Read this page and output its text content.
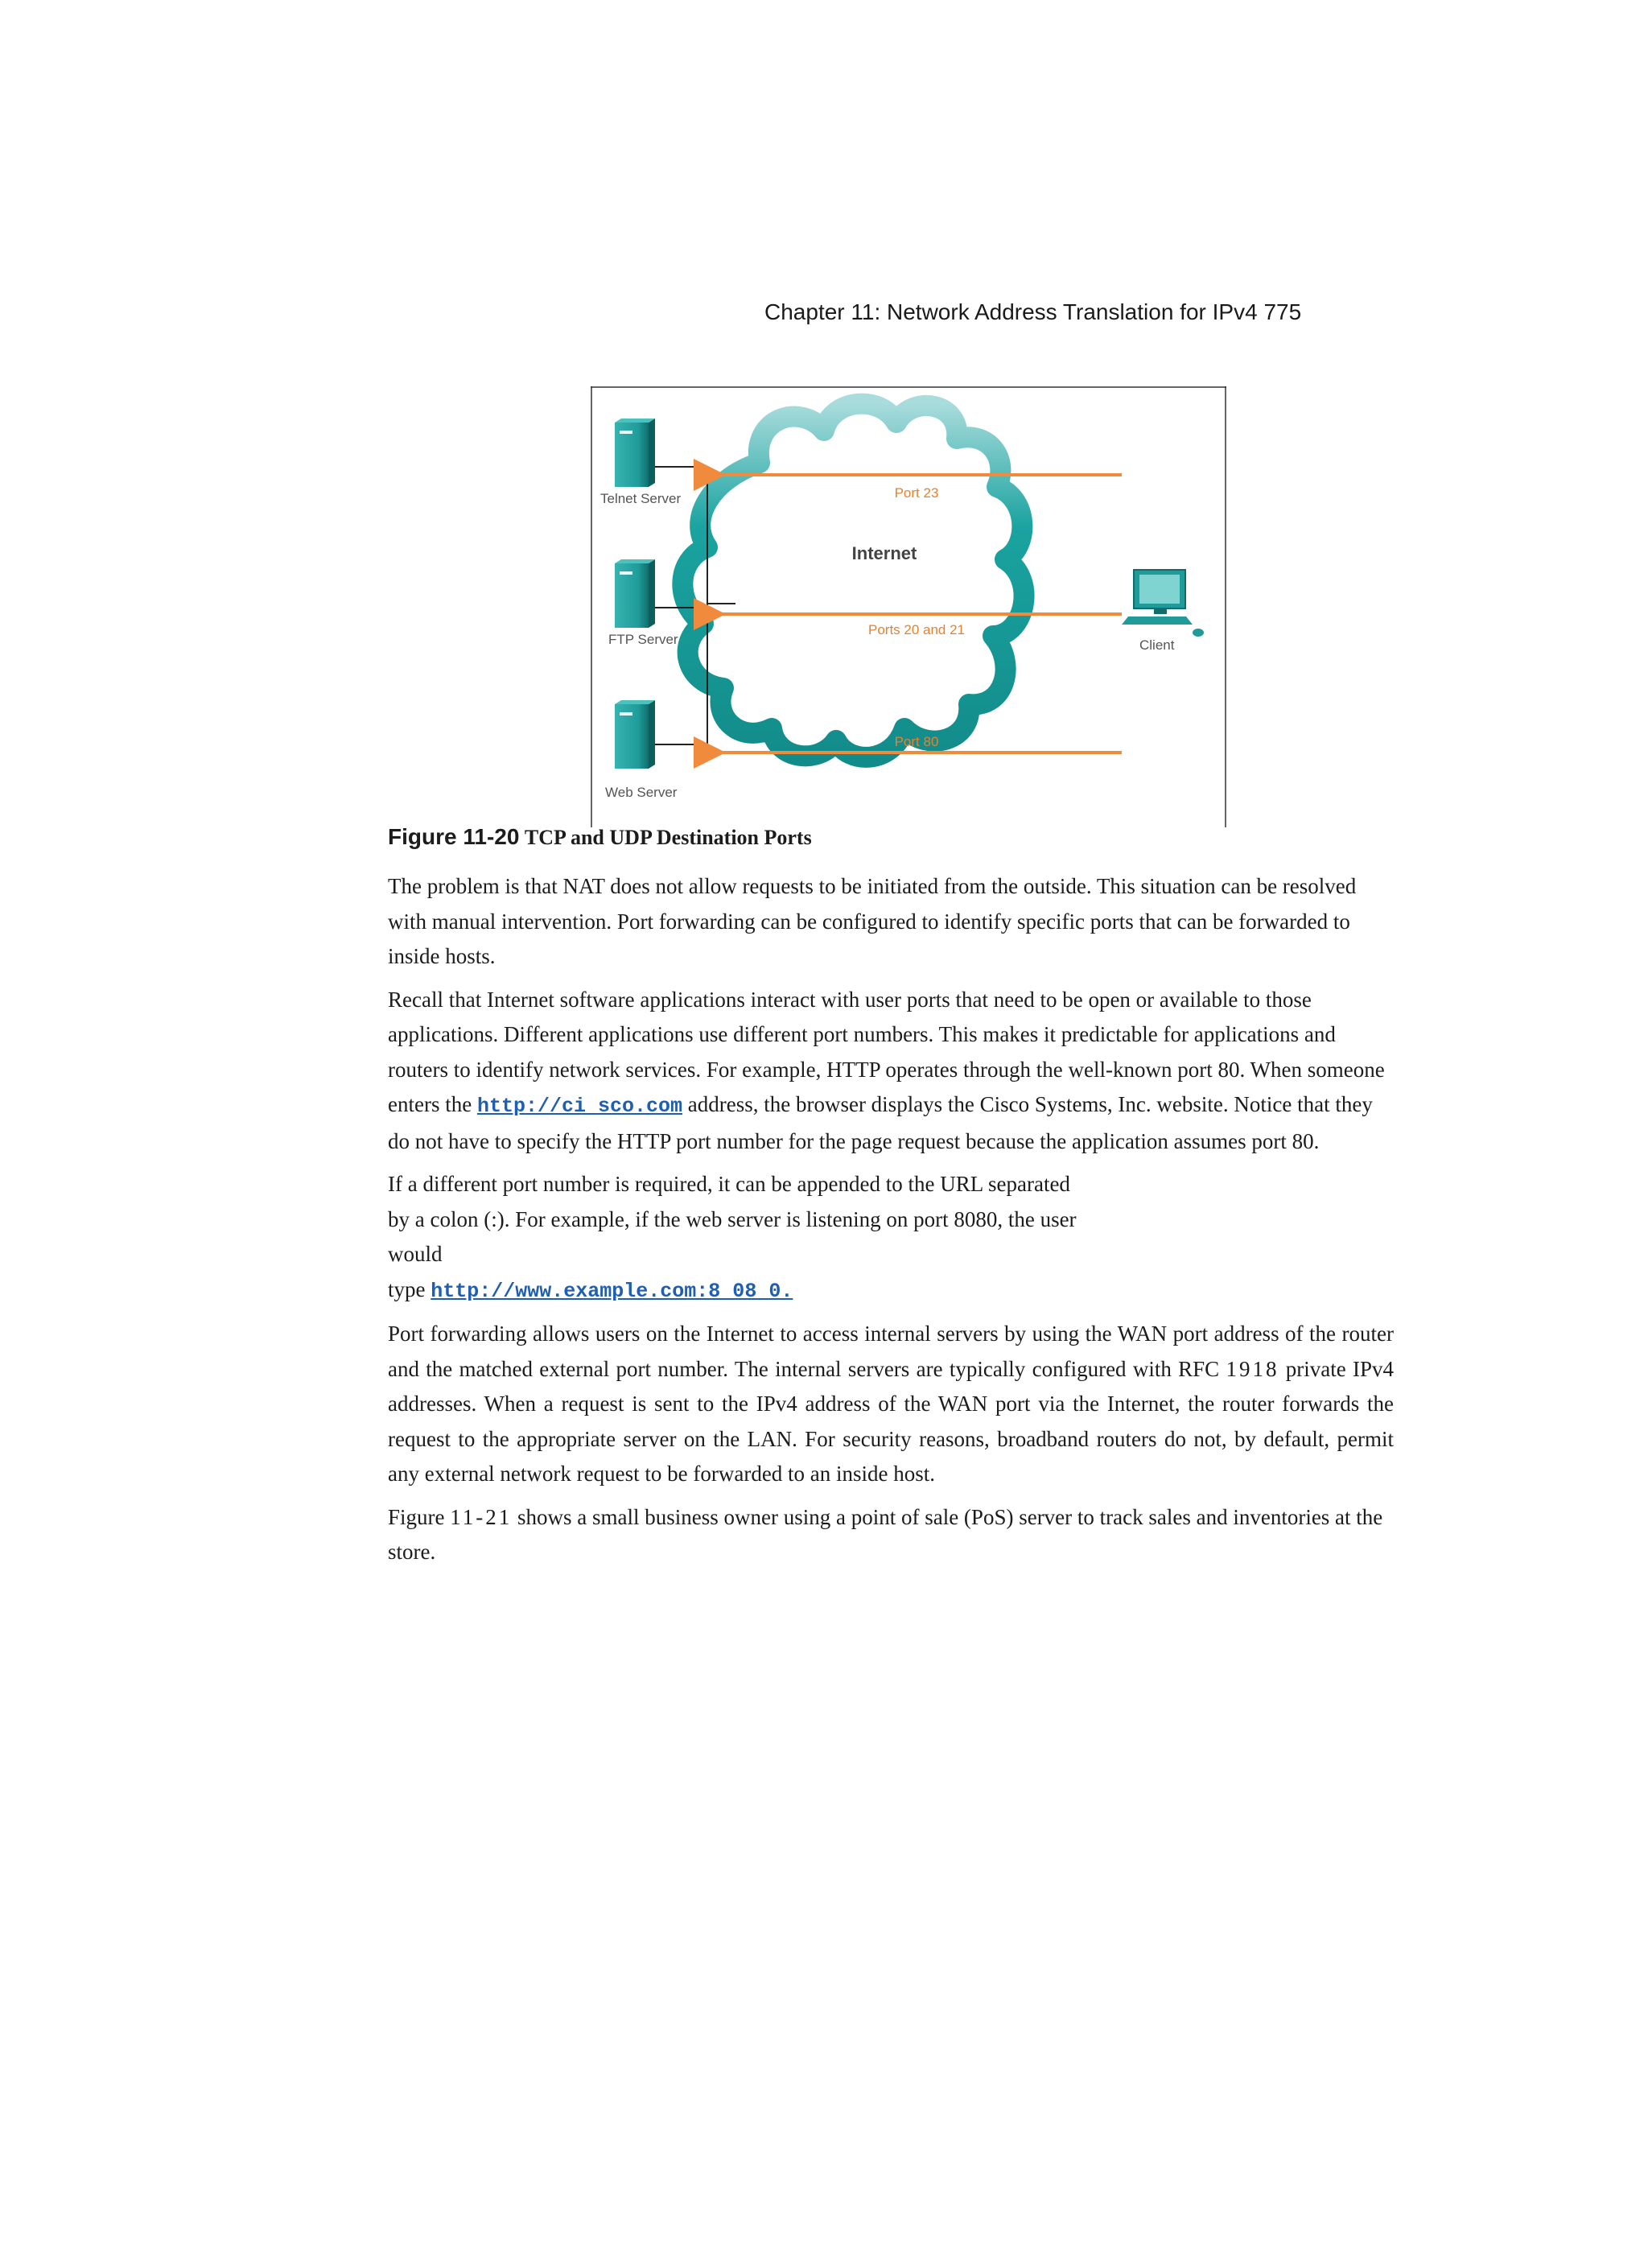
Chapter 11: Network Address Translation for IPv4 775
Telnet Server
FTP Server
Web Server
Internet
Port 23
Ports 20 and 21
Port 80
Client
Figure 11-20 TCP and UDP Destination Ports

The problem is that NAT does not allow requests to be initiated from the outside. This situation can be resolved with manual intervention. Port forwarding can be configured to identify specific ports that can be forwarded to inside hosts.

Recall that Internet software applications interact with user ports that need to be open or available to those applications. Different applications use different port numbers. This makes it predictable for applications and routers to identify network services. For example, HTTP operates through the well-known port 80. When someone enters the http://ci sco.com address, the browser displays the Cisco Systems, Inc. website. Notice that they do not have to specify the HTTP port number for the page request because the application assumes port 80.

If a different port number is required, it can be appended to the URL separated by a colon (:). For example, if the web server is listening on port 8080, the user would
type http://www.example.com:8 08 0.

Port forwarding allows users on the Internet to access internal servers by using the WAN port address of the router and the matched external port number. The internal servers are typically configured with RFC 1918 private IPv4 addresses. When a request is sent to the IPv4 address of the WAN port via the Internet, the router forwards the request to the appropriate server on the LAN. For security reasons, broadband routers do not, by default, permit any external network request to be forwarded to an inside host.

Figure 11-21 shows a small business owner using a point of sale (PoS) server to track sales and inventories at the store.
